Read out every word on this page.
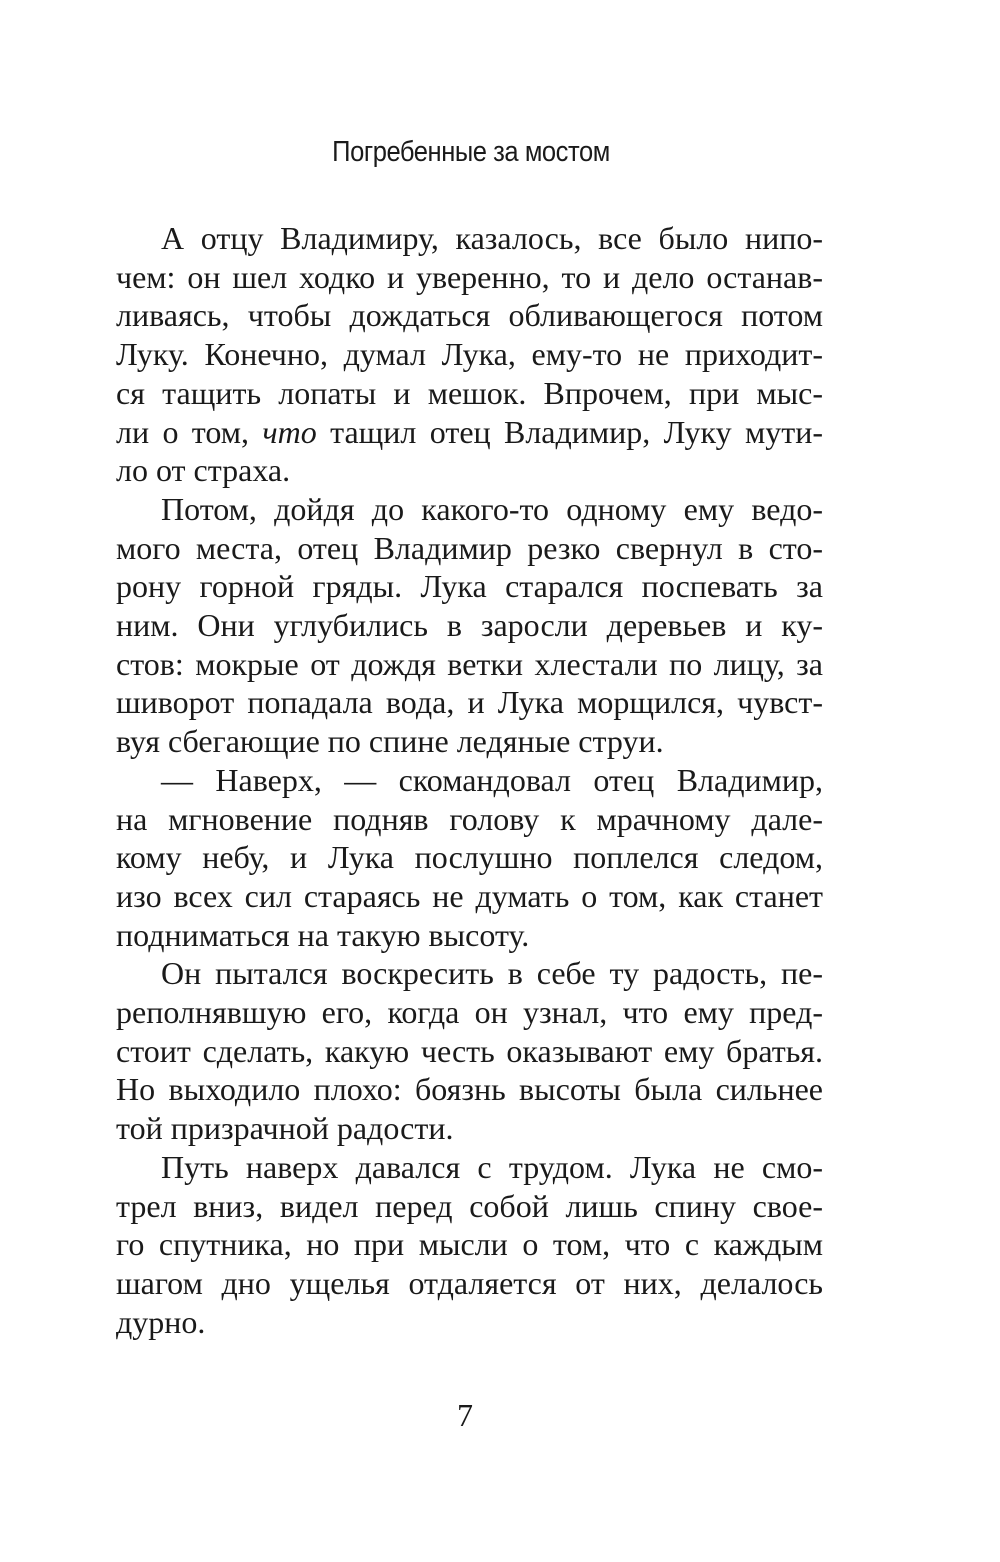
Погребенные за мостом
А отцу Владимиру, казалось, все было нипо-
чем: он шел ходко и уверенно, то и дело останав-
ливаясь, чтобы дождаться обливающегося потом
Луку. Конечно, думал Лука, ему-то не приходит-
ся тащить лопаты и мешок. Впрочем, при мыс-
ли о том, что тащил отец Владимир, Луку мути-
ло от страха.
Потом, дойдя до какого-то одному ему ведо-
мого места, отец Владимир резко свернул в сто-
рону горной гряды. Лука старался поспевать за
ним. Они углубились в заросли деревьев и ку-
стов: мокрые от дождя ветки хлестали по лицу, за
шиворот попадала вода, и Лука морщился, чувст-
вуя сбегающие по спине ледяные струи.
— Наверх, — скомандовал отец Владимир,
на мгновение подняв голову к мрачному дале-
кому небу, и Лука послушно поплелся следом,
изо всех сил стараясь не думать о том, как станет
подниматься на такую высоту.
Он пытался воскресить в себе ту радость, пе-
реполнявшую его, когда он узнал, что ему пред-
стоит сделать, какую честь оказывают ему братья.
Но выходило плохо: боязнь высоты была сильнее
той призрачной радости.
Путь наверх давался с трудом. Лука не смо-
трел вниз, видел перед собой лишь спину свое-
го спутника, но при мысли о том, что с каждым
шагом дно ущелья отдаляется от них, делалось
дурно.
7
